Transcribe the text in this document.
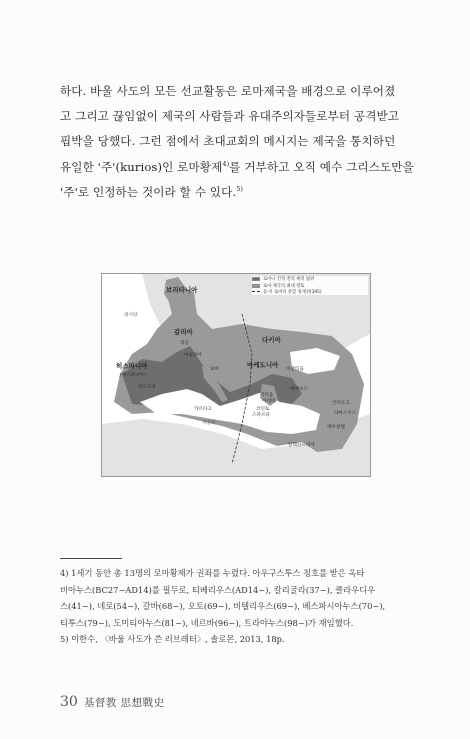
하다. 바울 사도의 모든 선교활동은 로마제국을 배경으로 이루어졌

고 그리고 끊임없이 제국의 사람들과 유대주의자들로부터 공격받고

핍박을 당했다. 그런 점에서 초대교회의 메시지는 제국을 통치하던

유일한 '주'(kurios)인 로마황제$^{4)}$를 거부하고 오직 예수 그리스도만을

'주'로 인정하는 것이라 할 수 있다.$^{5)}$

브리타니아
대서양
갈리아
리옹
마실리아
히스파니아
(에스파니아)
코르도바
로마
다키아
마케도니아
비잔티움
카르타고
막티움
아테네
코린토
스파르타
에페수스
안티오크
다마스쿠스
예루살렘
알렉산드리아
지중해
로마나 건정 전의 세력 범위
로마 제국의 최대 영토
동·서 로마의 분할 경계선(395)

4) 1세기 동안 총 13명의 로마황제가 권좌를 누렸다. 아우구스투스 칭호를 받은 옥타

비아누스(BC27~AD14)를 필두로, 티베리우스(AD14~), 칼리굴라(37~), 클라우디우

스(41~), 네로(54~), 갈바(68~), 오토(69~), 비텔리우스(69~), 베스파시아누스(70~),

티투스(79~), 도미티아누스(81~), 네르바(96~), 트라야누스(98~)가 재임했다.

5) 이한수, 〈바울 사도가 쓴 러브레터〉, 솔로몬, 2013, 18p.

30 基督教 思想戰史
